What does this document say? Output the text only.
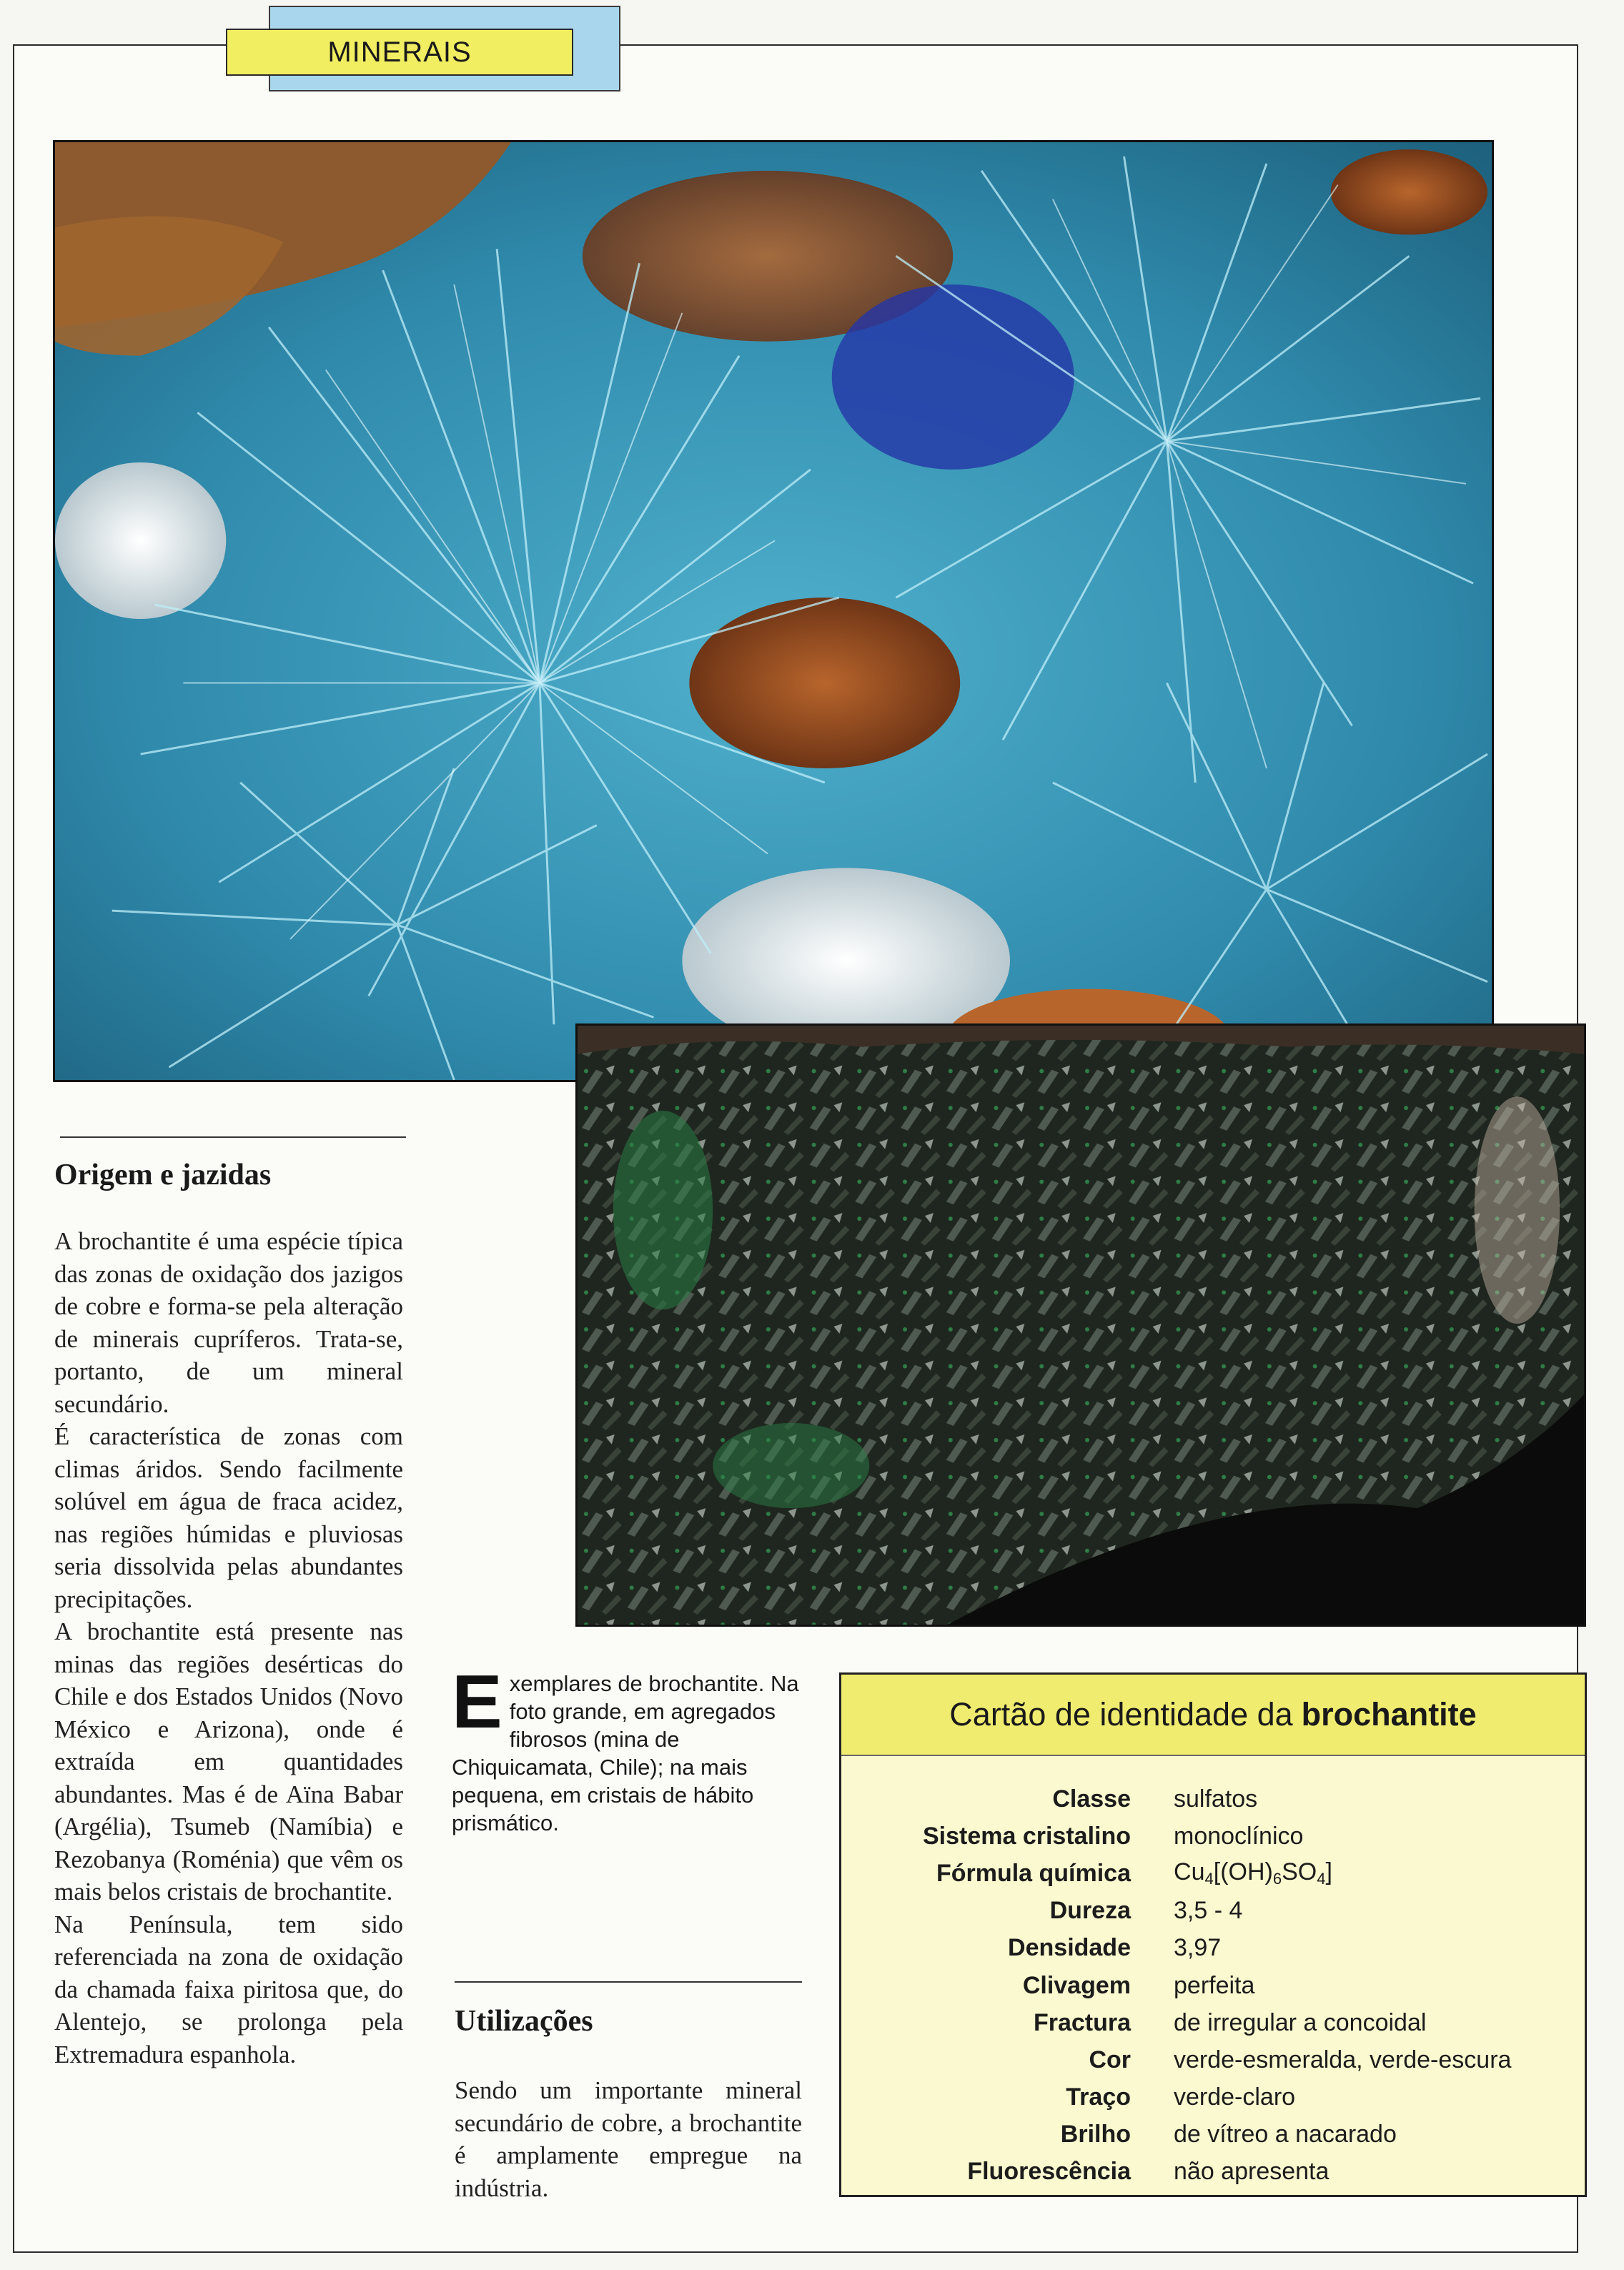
MINERAIS
Origem e jazidas

A brochantite é uma espécie típica das zonas de oxidação dos jazigos de cobre e forma-se pela alteração de minerais cupríferos. Trata-se, portanto, de um mineral secundário.

É característica de zonas com climas áridos. Sendo facilmente solúvel em água de fraca acidez, nas regiões húmidas e pluviosas seria dissolvida pelas abundantes precipitações.

A brochantite está presente nas minas das regiões desérticas do Chile e dos Estados Unidos (Novo México e Arizona), onde é extraída em quantidades abundantes. Mas é de Aïna Babar (Argélia), Tsumeb (Namíbia) e Rezobanya (Roménia) que vêm os mais belos cristais de brochantite.

Na Península, tem sido referenciada na zona de oxidação da chamada faixa piritosa que, do Alentejo, se prolonga pela Extremadura espanhola.

Exemplares de brochantite. Na foto grande, em agregados fibrosos (mina de Chiquicamata, Chile); na mais pequena, em cristais de hábito prismático.
Utilizações

Sendo um importante mineral secundário de cobre, a brochantite é amplamente empregue na indústria.

Cartão de identidade da brochantite
Classe	sulfatos
Sistema cristalino	monoclínico
Fórmula química	$Cu_4[(OH)_6SO_4]$
Dureza	3,5 - 4
Densidade	3,97
Clivagem	perfeita
Fractura	de irregular a concoidal
Cor	verde-esmeralda, verde-escura
Traço	verde-claro
Brilho	de vítreo a nacarado
Fluorescência	não apresenta
